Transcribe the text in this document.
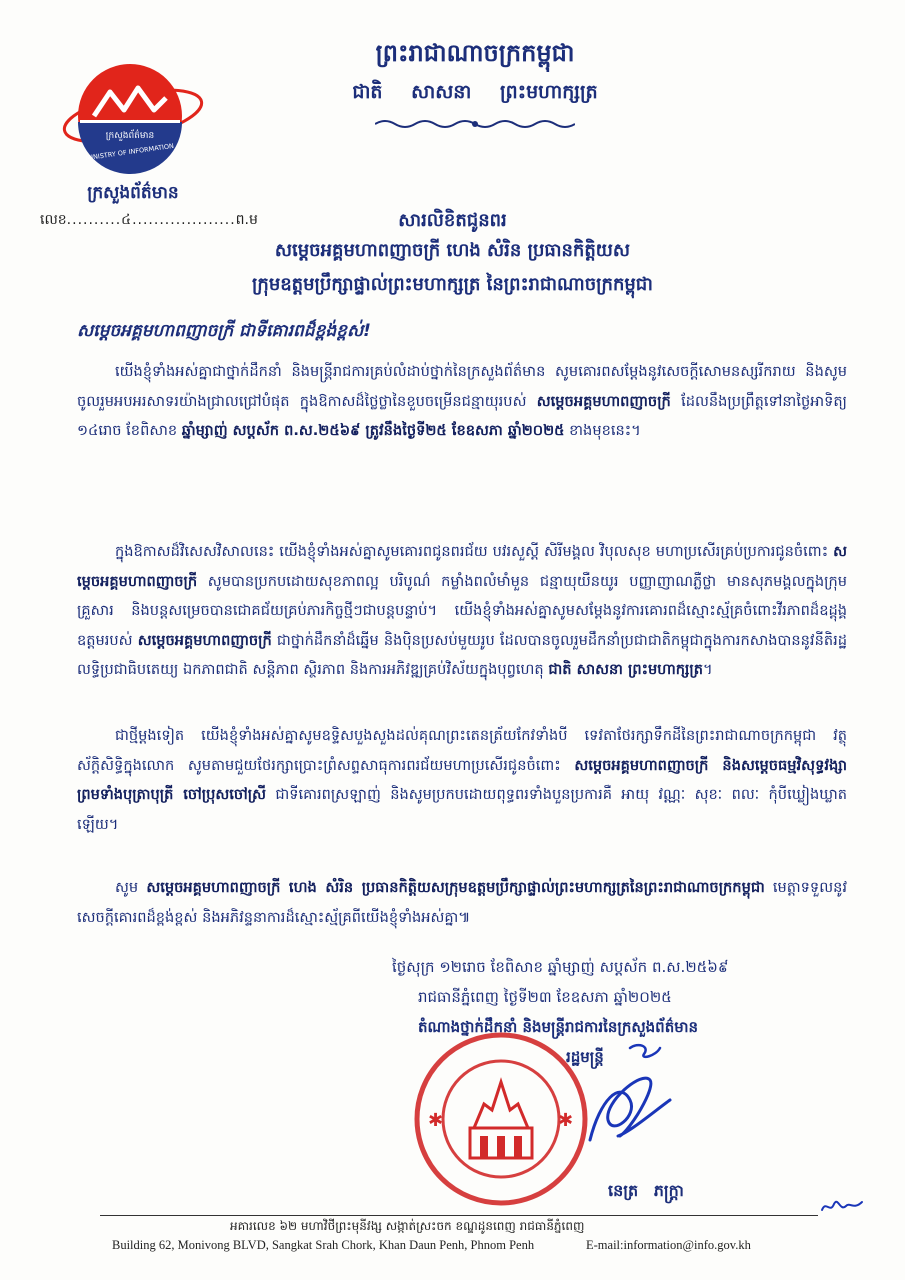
ក្រសួងព័ត៌មាន
MINISTRY OF INFORMATION
ក្រសួងព័ត៌មាន
លេខ..........៤...................ព.ម
ព្រះរាជាណាចក្រកម្ពុជា
ជាតិ សាសនា ព្រះមហាក្សត្រ
សារលិខិតជូនពរ
សម្តេចអគ្គមហាពញាចក្រី ហេង សំរិន ប្រធានកិត្តិយស
ក្រុមឧត្តមប្រឹក្សាផ្ទាល់ព្រះមហាក្សត្រ នៃព្រះរាជាណាចក្រកម្ពុជា
សម្តេចអគ្គមហាពញាចក្រី ជាទីគោរពដ៏ខ្ពង់ខ្ពស់!
យើងខ្ញុំទាំងអស់គ្នាជាថ្នាក់ដឹកនាំ និងមន្ត្រីរាជការគ្រប់លំដាប់ថ្នាក់នៃក្រសួងព័ត៌មាន សូមគោរពសម្តែងនូវសេចក្តីសោមនស្សរីករាយ និងសូមចូលរួមអបអរសាទរយ៉ាងជ្រាលជ្រៅបំផុត ក្នុងឱកាសដ៏ថ្លៃថ្លានៃខួបចម្រើនជន្មាយុរបស់ សម្តេចអគ្គមហាពញាចក្រី ដែលនឹងប្រព្រឹត្តទៅនាថ្ងៃអាទិត្យ ១៤រោច ខែពិសាខ ឆ្នាំម្សាញ់ សប្តស័ក ព.ស.២៥៦៩ ត្រូវនឹងថ្ងៃទី២៥ ខែឧសភា ឆ្នាំ២០២៥ ខាងមុខនេះ។
ក្នុងឱកាសដ៏វិសេសវិសាលនេះ យើងខ្ញុំទាំងអស់គ្នាសូមគោរពជូនពរជ័យ បវរសួស្តី សិរីមង្គល វិបុលសុខ មហាប្រសើរគ្រប់ប្រការជូនចំពោះ សម្តេចអគ្គមហាពញាចក្រី សូមបានប្រកបដោយសុខភាពល្អ បរិបូណ៌ កម្លាំងពលំមាំមួន ជន្មាយុយឺនយូរ បញ្ញាញាណភ្លឺថ្លា មានសុភមង្គលក្នុងក្រុមគ្រួសារ និងបន្តសម្រេចបានជោគជ័យគ្រប់ភារកិច្ចថ្មីៗជាបន្តបន្ទាប់។ យើងខ្ញុំទាំងអស់គ្នាសូមសម្តែងនូវការគោរពដ៏ស្មោះស្ម័គ្រចំពោះវីរភាពដ៏ឧដ្ដុង្គឧត្តមរបស់ សម្តេចអគ្គមហាពញាចក្រី ជាថ្នាក់ដឹកនាំដ៏ឆ្នើម និងប៉ិនប្រសប់មួយរូប ដែលបានចូលរួមដឹកនាំប្រជាជាតិកម្ពុជាក្នុងការកសាងបាននូវនីតិរដ្ឋ លទ្ធិប្រជាធិបតេយ្យ ឯកភាពជាតិ សន្តិភាព ស្ថិរភាព និងការអភិវឌ្ឍគ្រប់វិស័យក្នុងបុព្វហេតុ ជាតិ សាសនា ព្រះមហាក្សត្រ។
ជាថ្មីម្តងទៀត យើងខ្ញុំទាំងអស់គ្នាសូមឧទ្ទិសបួងសួងដល់គុណព្រះតេនត្រ័យកែវទាំងបី ទេវតាថែរក្សាទឹកដីនៃព្រះរាជាណាចក្រកម្ពុជា វត្ថុស័ក្តិសិទ្ធិក្នុងលោក សូមតាមជួយថែរក្សាប្រោះព្រំសព្ទសាធុការពរជ័យមហាប្រសើរជូនចំពោះ សម្តេចអគ្គមហាពញាចក្រី និងសម្តេចធម្មវិសុទ្ធវង្សា ព្រមទាំងបុត្រាបុត្រី ចៅប្រុសចៅស្រី ជាទីគោរពស្រឡាញ់ និងសូមប្រកបដោយពុទ្ធពរទាំងបួនប្រការគឺ អាយុ វណ្ណៈ សុខៈ ពលៈ កុំបីឃ្លៀងឃ្លាតឡើយ។
សូម សម្តេចអគ្គមហាពញាចក្រី ហេង សំរិន ប្រធានកិត្តិយសក្រុមឧត្តមប្រឹក្សាផ្ទាល់ព្រះមហាក្សត្រនៃព្រះរាជាណាចក្រកម្ពុជា មេត្តាទទួលនូវសេចក្តីគោរពដ៏ខ្ពង់ខ្ពស់ និងអភិវន្ទនាការដ៏ស្មោះស្ម័គ្រពីយើងខ្ញុំទាំងអស់គ្នា៕
ថ្ងៃសុក្រ ១២រោច ខែពិសាខ ឆ្នាំម្សាញ់ សប្តស័ក ព.ស.២៥៦៩
រាជធានីភ្នំពេញ ថ្ងៃទី២៣ ខែឧសភា ឆ្នាំ២០២៥
តំណាងថ្នាក់ដឹកនាំ និងមន្ត្រីរាជការនៃក្រសួងព័ត៌មាន
រដ្ឋមន្ត្រី
✱	✱
នេត្រ ភក្ត្រា
អគារលេខ ៦២ មហាវិថីព្រះមុនីវង្ស សង្កាត់ស្រះចក ខណ្ឌដូនពេញ រាជធានីភ្នំពេញ
Building 62, Monivong BLVD, Sangkat Srah Chork, Khan Daun Penh, Phnom Penh	E-mail:information@info.gov.kh
